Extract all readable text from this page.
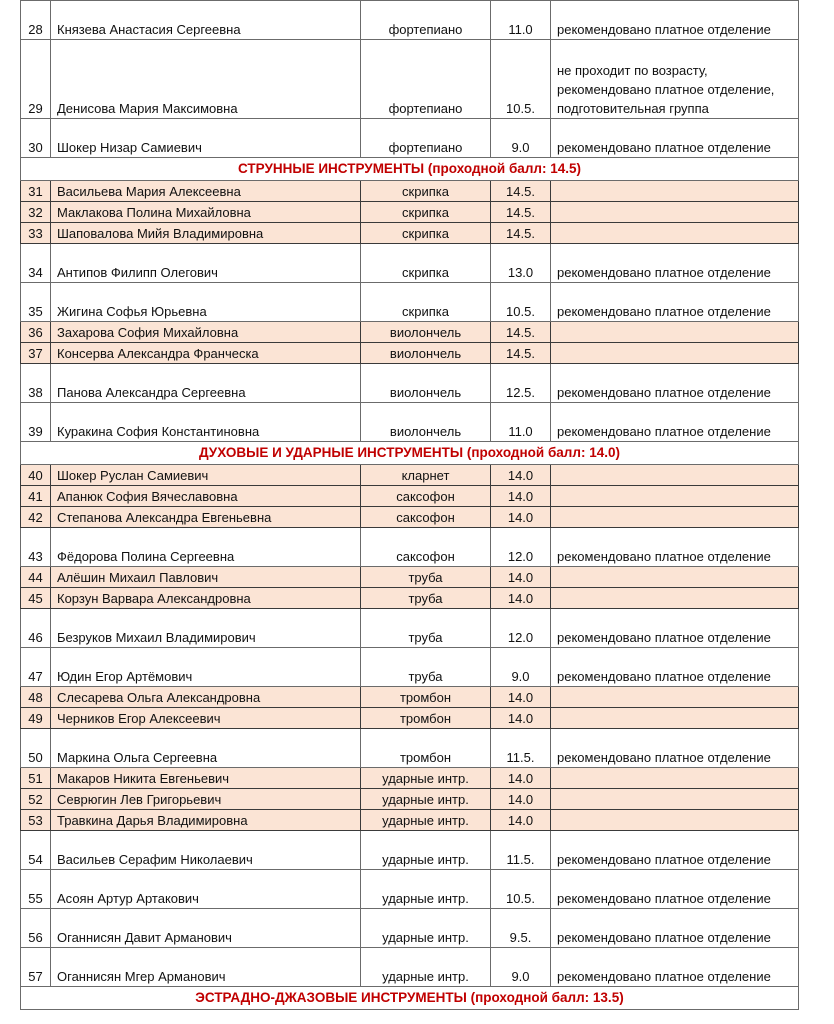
28	Князева Анастасия Сергеевна	фортепиано	11.0	рекомендовано платное отделение
29	Денисова Мария Максимовна	фортепиано	10.5.	не проходит по возрасту, рекомендовано платное отделение, подготовительная группа
30	Шокер Низар Самиевич	фортепиано	9.0	рекомендовано платное отделение
СТРУННЫЕ ИНСТРУМЕНТЫ (проходной балл: 14.5)				
31	Васильева Мария Алексеевна	скрипка	14.5.	
32	Маклакова Полина Михайловна	скрипка	14.5.	
33	Шаповалова Мийя Владимировна	скрипка	14.5.	
34	Антипов Филипп Олегович	скрипка	13.0	рекомендовано платное отделение
35	Жигина Софья Юрьевна	скрипка	10.5.	рекомендовано платное отделение
36	Захарова София Михайловна	виолончель	14.5.	
37	Консерва Александра Франческа	виолончель	14.5.	
38	Панова Александра Сергеевна	виолончель	12.5.	рекомендовано платное отделение
39	Куракина София Константиновна	виолончель	11.0	рекомендовано платное отделение
ДУХОВЫЕ И УДАРНЫЕ ИНСТРУМЕНТЫ (проходной балл: 14.0)				
40	Шокер Руслан Самиевич	кларнет	14.0	
41	Апанюк София Вячеславовна	саксофон	14.0	
42	Степанова Александра Евгеньевна	саксофон	14.0	
43	Фёдорова Полина Сергеевна	саксофон	12.0	рекомендовано платное отделение
44	Алёшин Михаил Павлович	труба	14.0	
45	Корзун Варвара Александровна	труба	14.0	
46	Безруков Михаил Владимирович	труба	12.0	рекомендовано платное отделение
47	Юдин Егор Артёмович	труба	9.0	рекомендовано платное отделение
48	Слесарева Ольга Александровна	тромбон	14.0	
49	Черников Егор Алексеевич	тромбон	14.0	
50	Маркина Ольга Сергеевна	тромбон	11.5.	рекомендовано платное отделение
51	Макаров Никита Евгеньевич	ударные интр.	14.0	
52	Севрюгин Лев Григорьевич	ударные интр.	14.0	
53	Травкина Дарья Владимировна	ударные интр.	14.0	
54	Васильев Серафим Николаевич	ударные интр.	11.5.	рекомендовано платное отделение
55	Асоян Артур Артакович	ударные интр.	10.5.	рекомендовано платное отделение
56	Оганнисян Давит Арманович	ударные интр.	9.5.	рекомендовано платное отделение
57	Оганнисян Мгер Арманович	ударные интр.	9.0	рекомендовано платное отделение
ЭСТРАДНО-ДЖАЗОВЫЕ ИНСТРУМЕНТЫ (проходной балл: 13.5)				
